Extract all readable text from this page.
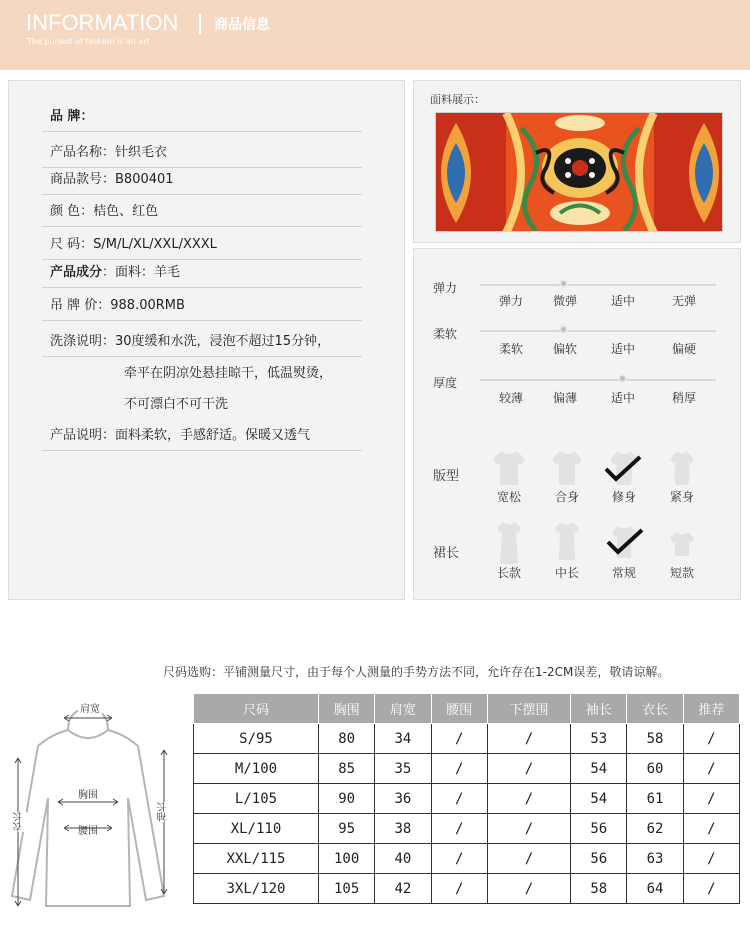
INFORMATION
The pursuit of fashion is an art
商品信息
品 牌：
产品名称：针织毛衣
商品款号：B800401
颜 色：桔色、红色
尺 码：S/M/L/XL/XXL/XXXL
产品成分：面料：羊毛
吊 牌 价：988.00RMB
洗涤说明：30度缓和水洗，浸泡不超过15分钟，
牵平在阴凉处悬挂晾干，低温熨烫，
不可漂白不可干洗
产品说明：面料柔软，手感舒适。保暖又透气
面料展示：
弹力
弹力	微弹	适中	无弹
柔软
柔软	偏软	适中	偏硬
厚度
较薄	偏薄	适中	稍厚
版型
宽松	合身	修身	紧身
裙长
长款	中长	常规	短款
尺码选购：平铺测量尺寸，由于每个人测量的手势方法不同，允许存在1-2CM误差，敬请谅解。
肩宽
胸围
腰围
衣长	袖长
尺码	胸围	肩宽	腰围	下摆围	袖长	衣长	推荐
S/95	80	34	/	/	53	58	/
M/100	85	35	/	/	54	60	/
L/105	90	36	/	/	54	61	/
XL/110	95	38	/	/	56	62	/
XXL/115	100	40	/	/	56	63	/
3XL/120	105	42	/	/	58	64	/
